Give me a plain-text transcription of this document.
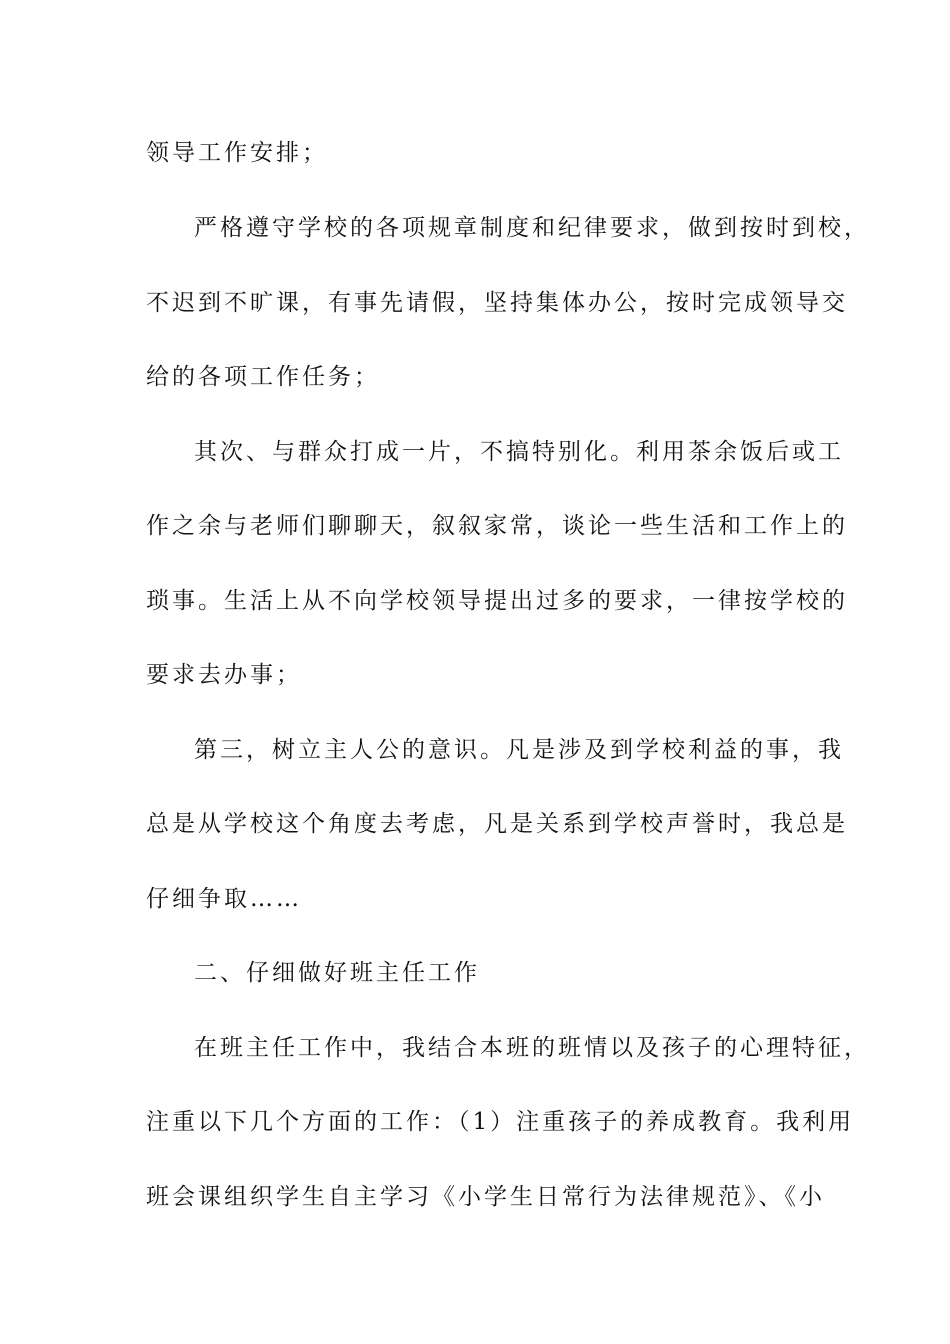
领导工作安排；
严格遵守学校的各项规章制度和纪律要求，做到按时到校，
不迟到不旷课，有事先请假，坚持集体办公，按时完成领导交
给的各项工作任务；
其次、与群众打成一片，不搞特别化。利用茶余饭后或工
作之余与老师们聊聊天，叙叙家常，谈论一些生活和工作上的
琐事。生活上从不向学校领导提出过多的要求，一律按学校的
要求去办事；
第三，树立主人公的意识。凡是涉及到学校利益的事，我
总是从学校这个角度去考虑，凡是关系到学校声誉时，我总是
仔细争取……
二、仔细做好班主任工作
在班主任工作中，我结合本班的班情以及孩子的心理特征，
注重以下几个方面的工作：（1）注重孩子的养成教育。我利用
班会课组织学生自主学习《小学生日常行为法律规范》、《小
